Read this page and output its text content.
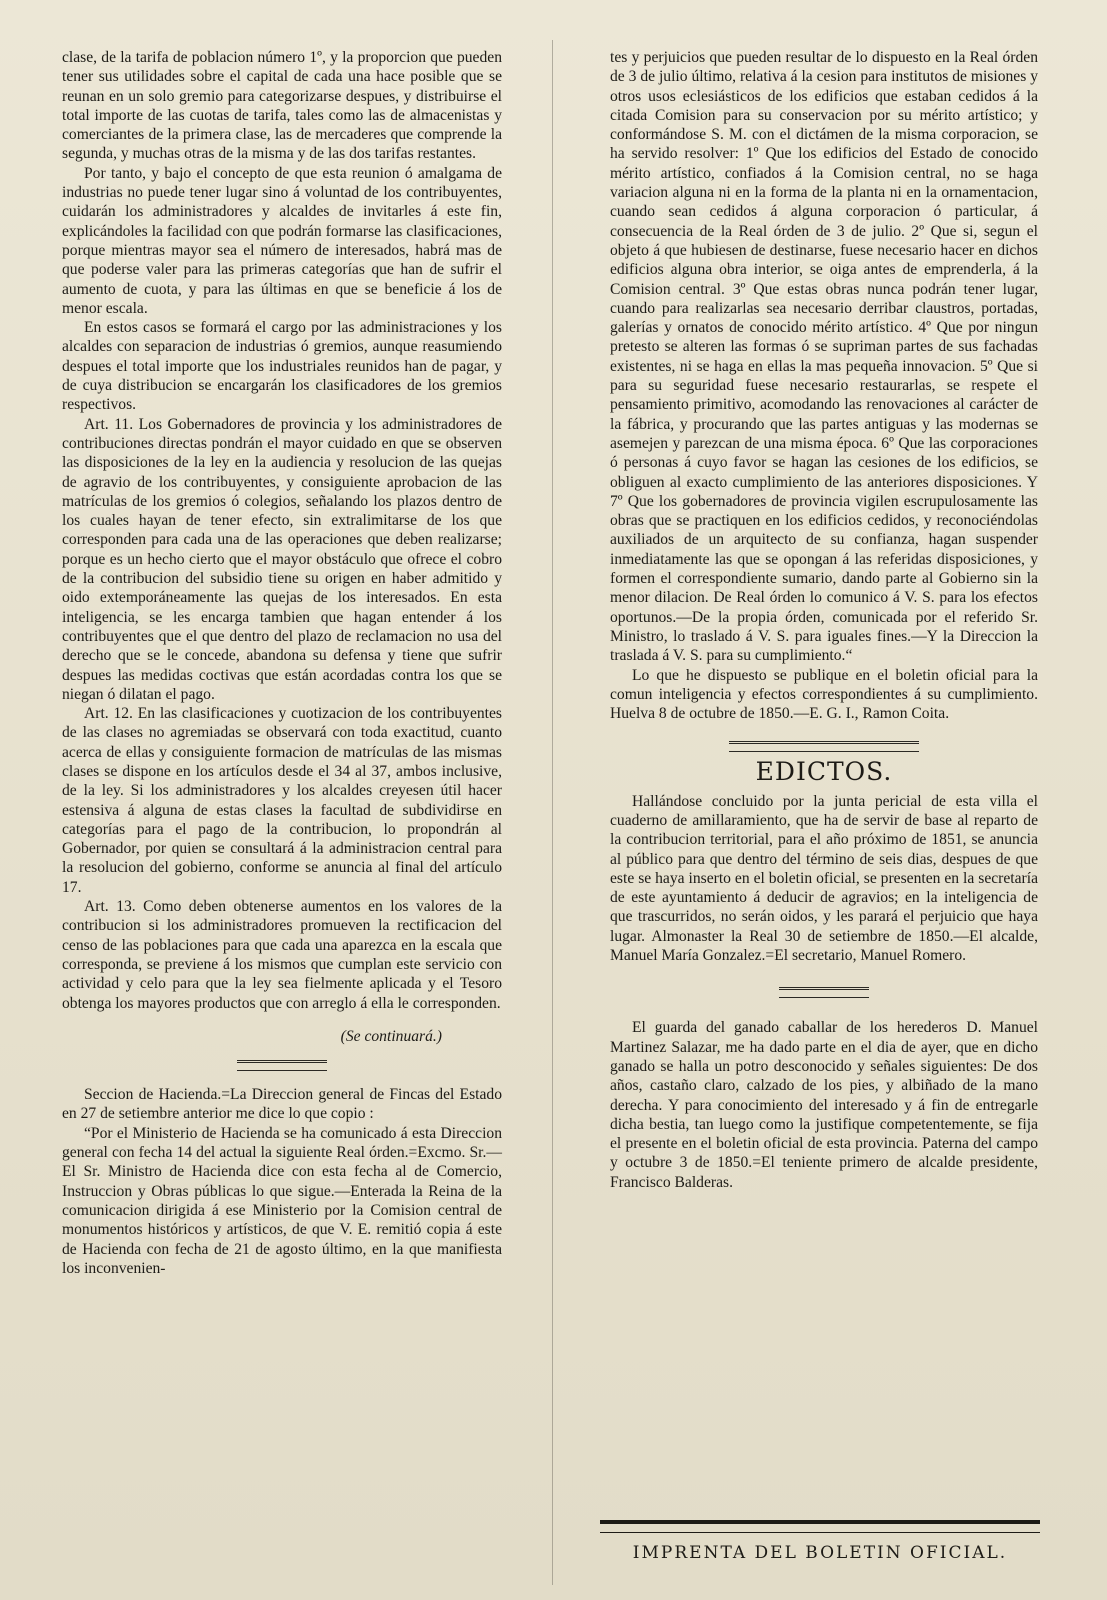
clase, de la tarifa de poblacion número 1º, y la proporcion que pueden tener sus utilidades sobre el capital de cada una hace posible que se reunan en un solo gremio para categorizarse despues, y distribuirse el total importe de las cuotas de tarifa, tales como las de almacenistas y comerciantes de la primera clase, las de mercaderes que comprende la segunda, y muchas otras de la misma y de las dos tarifas restantes.

Por tanto, y bajo el concepto de que esta reunion ó amalgama de industrias no puede tener lugar sino á voluntad de los contribuyentes, cuidarán los administradores y alcaldes de invitarles á este fin, explicándoles la facilidad con que podrán formarse las clasificaciones, porque mientras mayor sea el número de interesados, habrá mas de que poderse valer para las primeras categorías que han de sufrir el aumento de cuota, y para las últimas en que se beneficie á los de menor escala.

En estos casos se formará el cargo por las administraciones y los alcaldes con separacion de industrias ó gremios, aunque reasumiendo despues el total importe que los industriales reunidos han de pagar, y de cuya distribucion se encargarán los clasificadores de los gremios respectivos.

Art. 11. Los Gobernadores de provincia y los administradores de contribuciones directas pondrán el mayor cuidado en que se observen las disposiciones de la ley en la audiencia y resolucion de las quejas de agravio de los contribuyentes, y consiguiente aprobacion de las matrículas de los gremios ó colegios, señalando los plazos dentro de los cuales hayan de tener efecto, sin extralimitarse de los que corresponden para cada una de las operaciones que deben realizarse; porque es un hecho cierto que el mayor obstáculo que ofrece el cobro de la contribucion del subsidio tiene su origen en haber admitido y oido extemporáneamente las quejas de los interesados. En esta inteligencia, se les encarga tambien que hagan entender á los contribuyentes que el que dentro del plazo de reclamacion no usa del derecho que se le concede, abandona su defensa y tiene que sufrir despues las medidas coctivas que están acordadas contra los que se niegan ó dilatan el pago.

Art. 12. En las clasificaciones y cuotizacion de los contribuyentes de las clases no agremiadas se observará con toda exactitud, cuanto acerca de ellas y consiguiente formacion de matrículas de las mismas clases se dispone en los artículos desde el 34 al 37, ambos inclusive, de la ley. Si los administradores y los alcaldes creyesen útil hacer estensiva á alguna de estas clases la facultad de subdividirse en categorías para el pago de la contribucion, lo propondrán al Gobernador, por quien se consultará á la administracion central para la resolucion del gobierno, conforme se anuncia al final del artículo 17.

Art. 13. Como deben obtenerse aumentos en los valores de la contribucion si los administradores promueven la rectificacion del censo de las poblaciones para que cada una aparezca en la escala que corresponda, se previene á los mismos que cumplan este servicio con actividad y celo para que la ley sea fielmente aplicada y el Tesoro obtenga los mayores productos que con arreglo á ella le corresponden.

(Se continuará.)

Seccion de Hacienda.=La Direccion general de Fincas del Estado en 27 de setiembre anterior me dice lo que copio :

“Por el Ministerio de Hacienda se ha comunicado á esta Direccion general con fecha 14 del actual la siguiente Real órden.=Excmo. Sr.—El Sr. Ministro de Hacienda dice con esta fecha al de Comercio, Instruccion y Obras públicas lo que sigue.—Enterada la Reina de la comunicacion dirigida á ese Ministerio por la Comision central de monumentos históricos y artísticos, de que V. E. remitió copia á este de Hacienda con fecha de 21 de agosto último, en la que manifiesta los inconvenien-

tes y perjuicios que pueden resultar de lo dispuesto en la Real órden de 3 de julio último, relativa á la cesion para institutos de misiones y otros usos eclesiásticos de los edificios que estaban cedidos á la citada Comision para su conservacion por su mérito artístico; y conformándose S. M. con el dictámen de la misma corporacion, se ha servido resolver: 1º Que los edificios del Estado de conocido mérito artístico, confiados á la Comision central, no se haga variacion alguna ni en la forma de la planta ni en la ornamentacion, cuando sean cedidos á alguna corporacion ó particular, á consecuencia de la Real órden de 3 de julio. 2º Que si, segun el objeto á que hubiesen de destinarse, fuese necesario hacer en dichos edificios alguna obra interior, se oiga antes de emprenderla, á la Comision central. 3º Que estas obras nunca podrán tener lugar, cuando para realizarlas sea necesario derribar claustros, portadas, galerías y ornatos de conocido mérito artístico. 4º Que por ningun pretesto se alteren las formas ó se supriman partes de sus fachadas existentes, ni se haga en ellas la mas pequeña innovacion. 5º Que si para su seguridad fuese necesario restaurarlas, se respete el pensamiento primitivo, acomodando las renovaciones al carácter de la fábrica, y procurando que las partes antiguas y las modernas se asemejen y parezcan de una misma época. 6º Que las corporaciones ó personas á cuyo favor se hagan las cesiones de los edificios, se obliguen al exacto cumplimiento de las anteriores disposiciones. Y 7º Que los gobernadores de provincia vigilen escrupulosamente las obras que se practiquen en los edificios cedidos, y reconociéndolas auxiliados de un arquitecto de su confianza, hagan suspender inmediatamente las que se opongan á las referidas disposiciones, y formen el correspondiente sumario, dando parte al Gobierno sin la menor dilacion. De Real órden lo comunico á V. S. para los efectos oportunos.—De la propia órden, comunicada por el referido Sr. Ministro, lo traslado á V. S. para iguales fines.—Y la Direccion la traslada á V. S. para su cumplimiento.“

Lo que he dispuesto se publique en el boletin oficial para la comun inteligencia y efectos correspondientes á su cumplimiento. Huelva 8 de octubre de 1850.—E. G. I., Ramon Coita.

EDICTOS.

Hallándose concluido por la junta pericial de esta villa el cuaderno de amillaramiento, que ha de servir de base al reparto de la contribucion territorial, para el año próximo de 1851, se anuncia al público para que dentro del término de seis dias, despues de que este se haya inserto en el boletin oficial, se presenten en la secretaría de este ayuntamiento á deducir de agravios; en la inteligencia de que trascurridos, no serán oidos, y les parará el perjuicio que haya lugar. Almonaster la Real 30 de setiembre de 1850.—El alcalde, Manuel María Gonzalez.=El secretario, Manuel Romero.

El guarda del ganado caballar de los herederos D. Manuel Martinez Salazar, me ha dado parte en el dia de ayer, que en dicho ganado se halla un potro desconocido y señales siguientes: De dos años, castaño claro, calzado de los pies, y albiñado de la mano derecha. Y para conocimiento del interesado y á fin de entregarle dicha bestia, tan luego como la justifique competentemente, se fija el presente en el boletin oficial de esta provincia. Paterna del campo y octubre 3 de 1850.=El teniente primero de alcalde presidente, Francisco Balderas.

IMPRENTA DEL BOLETIN OFICIAL.
